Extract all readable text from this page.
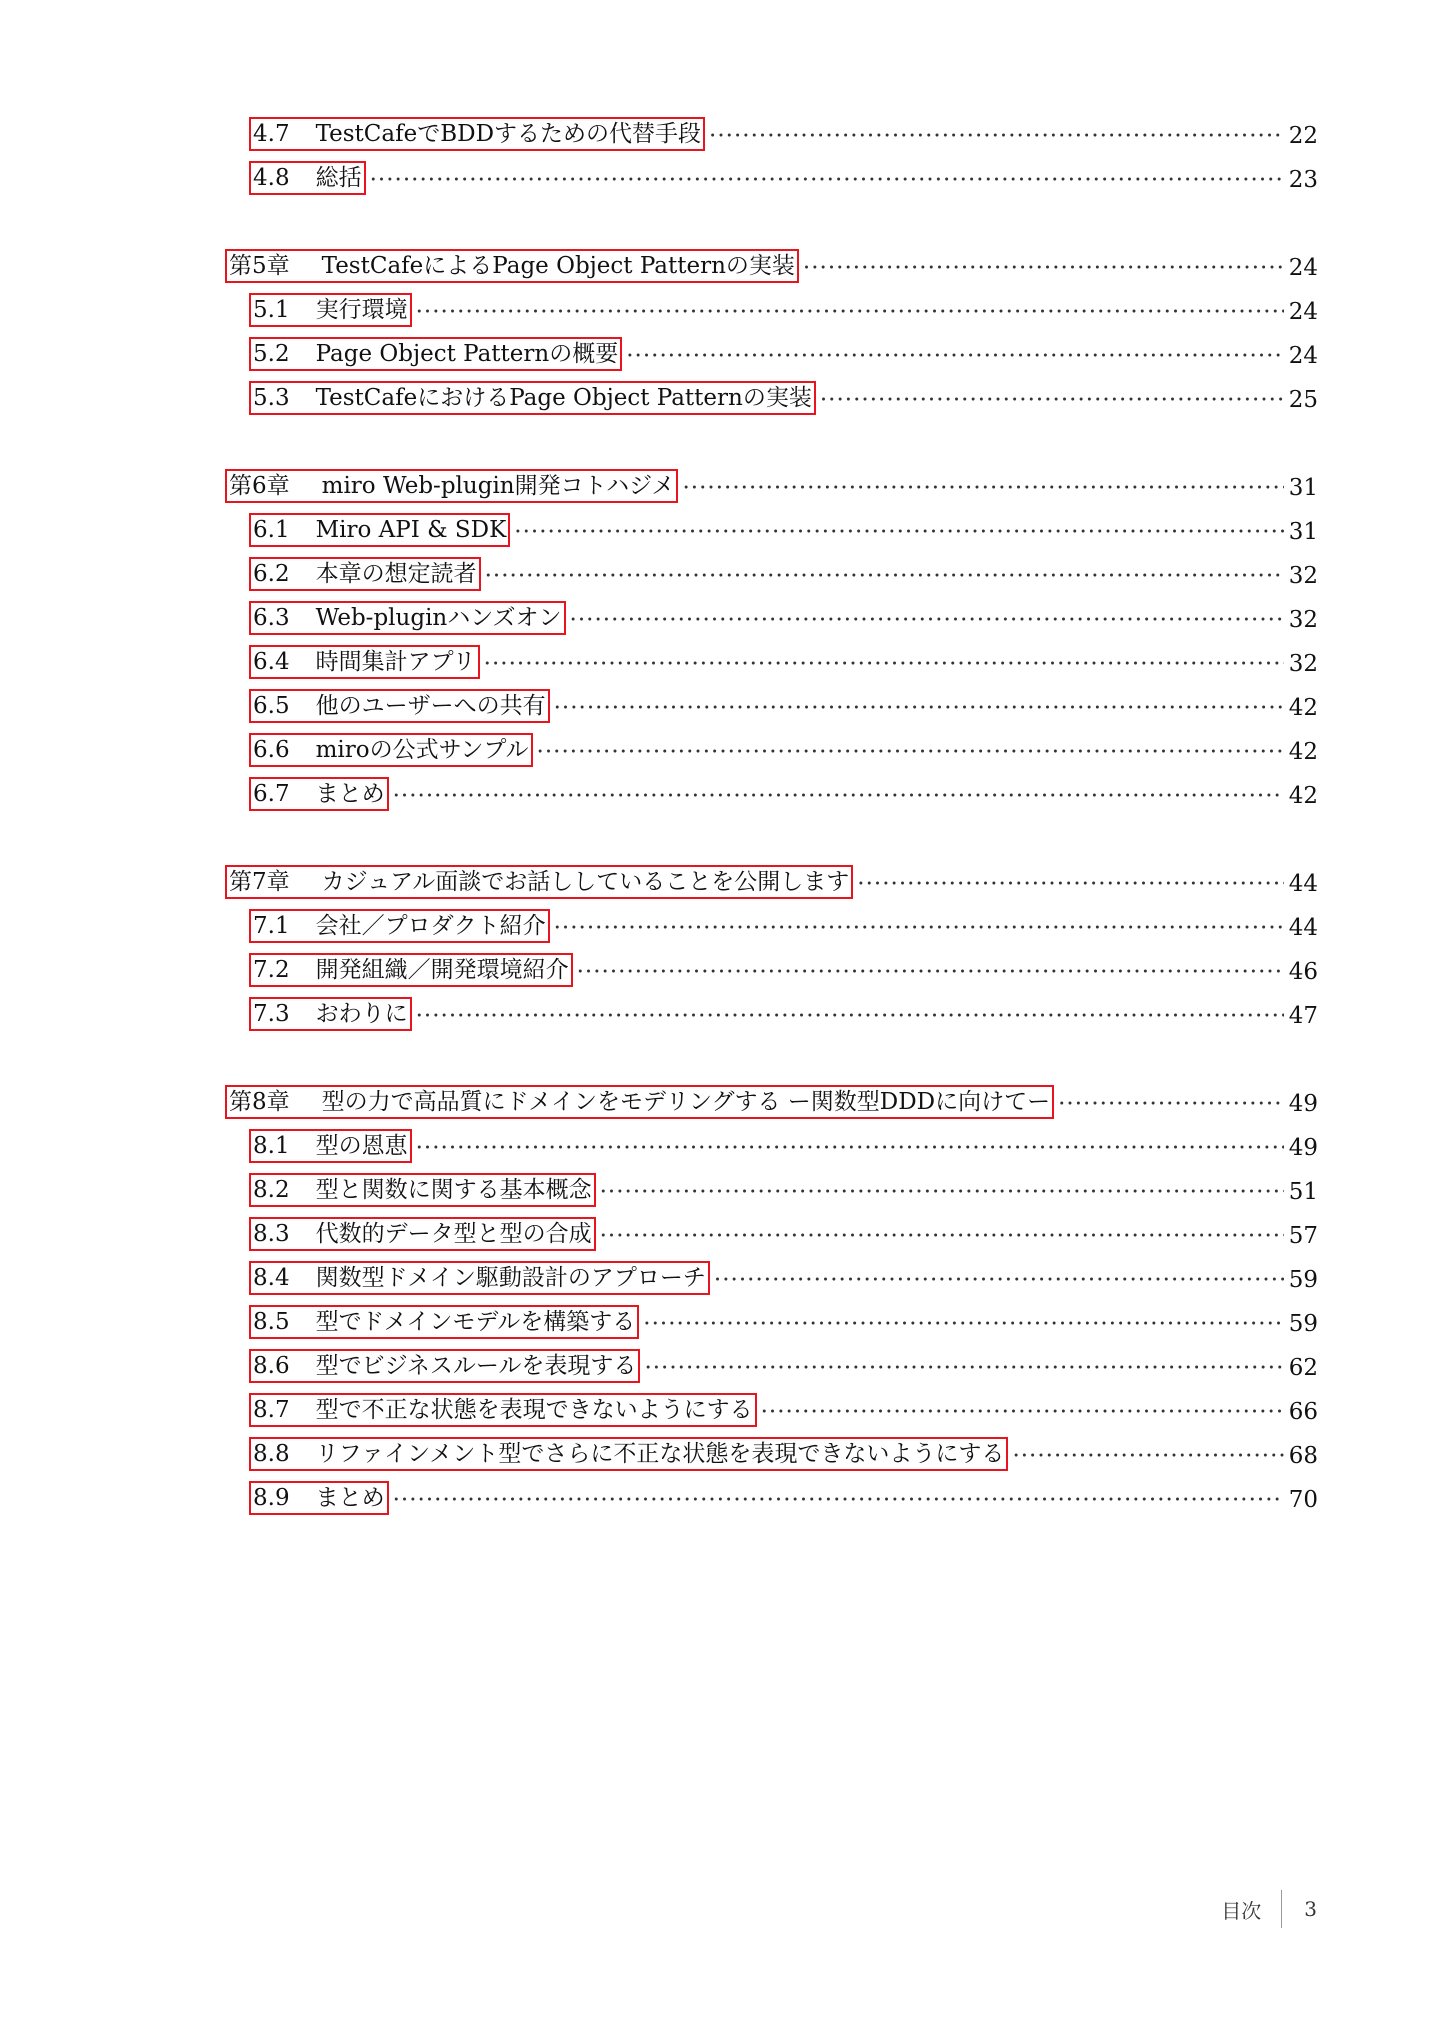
4.7 TestCafeでBDDするための代替手段 ·····	22
4.8 総括 ·····	23
第5章 TestCafeによるPage Object Patternの実装 ·····	24
5.1 実行環境 ·····	24
5.2 Page Object Patternの概要 ·····	24
5.3 TestCafeにおけるPage Object Patternの実装 ·····	25
第6章 miro Web-plugin開発コトハジメ ·····	31
6.1 Miro API & SDK ·····	31
6.2 本章の想定読者 ·····	32
6.3 Web-pluginハンズオン ·····	32
6.4 時間集計アプリ ·····	32
6.5 他のユーザーへの共有 ·····	42
6.6 miroの公式サンプル ·····	42
6.7 まとめ ·····	42
第7章 カジュアル面談でお話ししていることを公開します ·····	44
7.1 会社／プロダクト紹介 ·····	44
7.2 開発組織／開発環境紹介 ·····	46
7.3 おわりに ·····	47
第8章 型の力で高品質にドメインをモデリングする ー関数型DDDに向けてー ·····	49
8.1 型の恩恵 ·····	49
8.2 型と関数に関する基本概念 ·····	51
8.3 代数的データ型と型の合成 ·····	57
8.4 関数型ドメイン駆動設計のアプローチ ·····	59
8.5 型でドメインモデルを構築する ·····	59
8.6 型でビジネスルールを表現する ·····	62
8.7 型で不正な状態を表現できないようにする ·····	66
8.8 リファインメント型でさらに不正な状態を表現できないようにする ·····	68
8.9 まとめ ·····	70
目次 3
